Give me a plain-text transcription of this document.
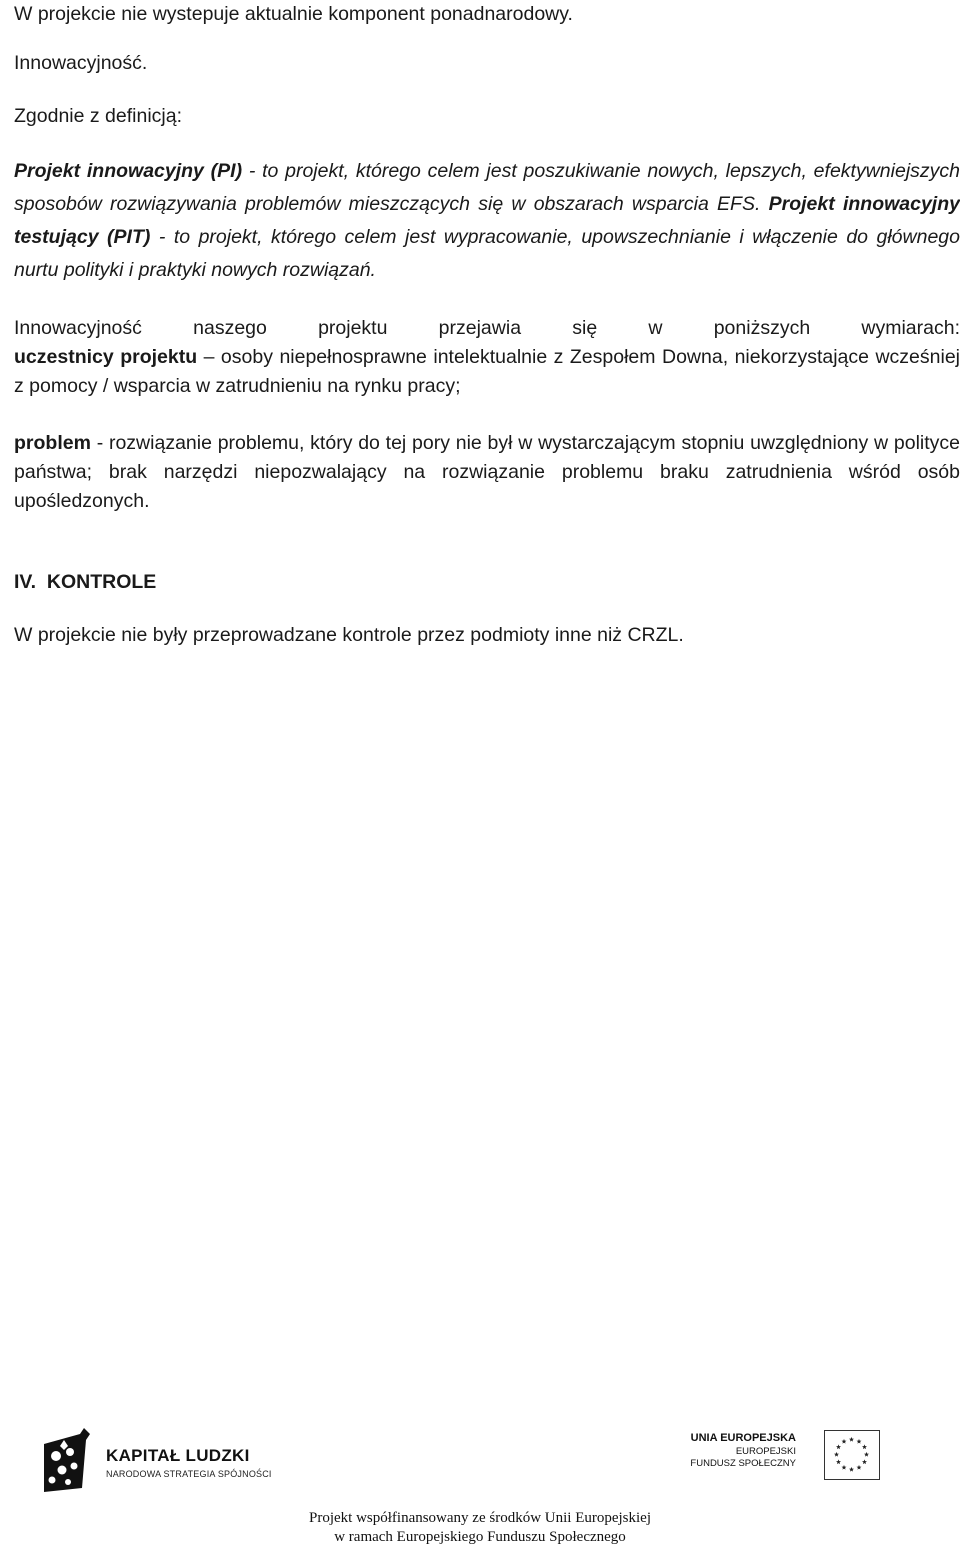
W projekcie nie wystepuje aktualnie komponent ponadnarodowy.
Innowacyjność.
Zgodnie z definicją:
Projekt innowacyjny (PI) - to projekt, którego celem jest poszukiwanie nowych, lepszych, efektywniejszych sposobów rozwiązywania problemów mieszczących się w obszarach wsparcia EFS. Projekt innowacyjny testujący (PIT) - to projekt, którego celem jest wypracowanie, upowszechnianie i włączenie do głównego nurtu polityki i praktyki nowych rozwiązań.
Innowacyjność naszego projektu przejawia się w poniższych wymiarach:
uczestnicy projektu – osoby niepełnosprawne intelektualnie z Zespołem Downa, niekorzystające wcześniej z pomocy / wsparcia w zatrudnieniu na rynku pracy;
problem - rozwiązanie problemu, który do tej pory nie był w wystarczającym stopniu uwzględniony w polityce państwa; brak narzędzi niepozwalający na rozwiązanie problemu braku zatrudnienia wśród osób upośledzonych.
IV.  KONTROLE
W projekcie nie były przeprowadzane kontrole przez podmioty inne niż CRZL.
KAPITAŁ LUDZKI
NARODOWA STRATEGIA SPÓJNOŚCI
UNIA EUROPEJSKA
EUROPEJSKI
FUNDUSZ SPOŁECZNY
Projekt współfinansowany ze środków Unii Europejskiej
w ramach Europejskiego Funduszu Społecznego
